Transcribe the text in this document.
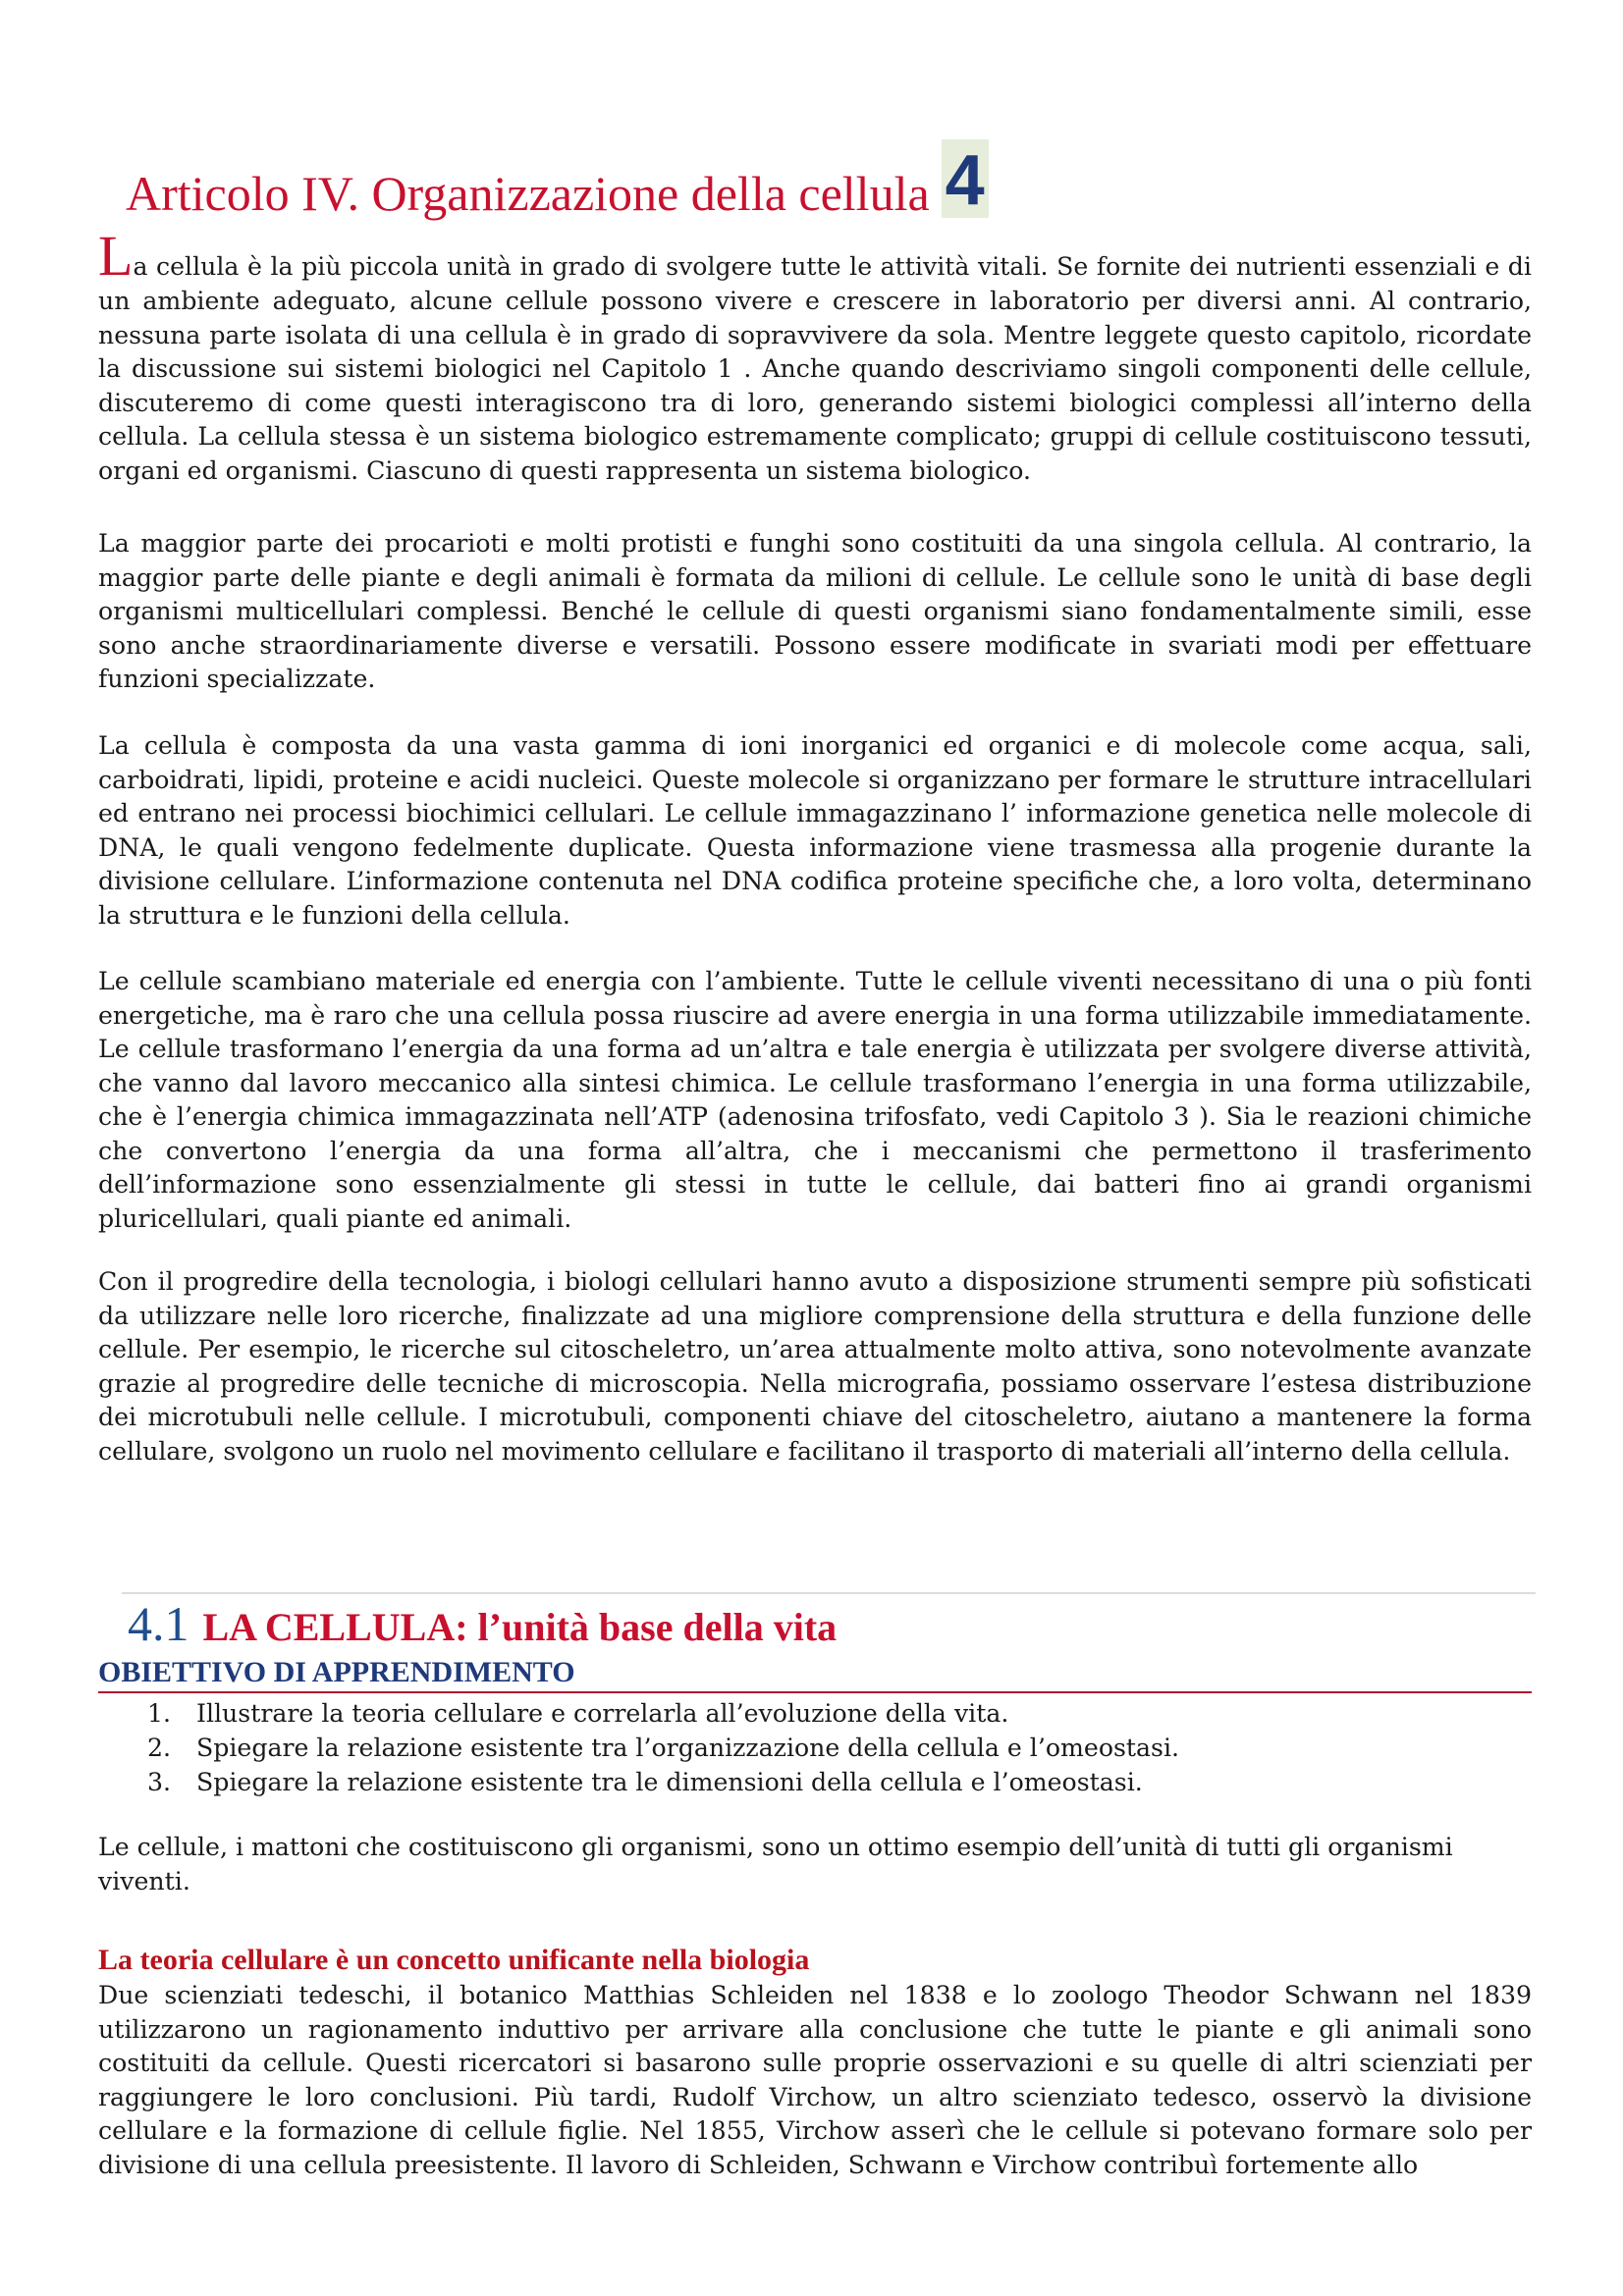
Articolo IV. Organizzazione della cellula 4

La cellula è la più piccola unità in grado di svolgere tutte le attività vitali. Se fornite dei nutrienti essenziali e di un ambiente adeguato, alcune cellule possono vivere e crescere in laboratorio per diversi anni. Al contrario, nessuna parte isolata di una cellula è in grado di sopravvivere da sola. Mentre leggete questo capitolo, ricordate la discussione sui sistemi biologici nel Capitolo 1 . Anche quando descriviamo singoli componenti delle cellule, discuteremo di come questi interagiscono tra di loro, generando sistemi biologici complessi all’interno della cellula. La cellula stessa è un sistema biologico estremamente complicato; gruppi di cellule costituiscono tessuti, organi ed organismi. Ciascuno di questi rappresenta un sistema biologico.

La maggior parte dei procarioti e molti protisti e funghi sono costituiti da una singola cellula. Al contrario, la maggior parte delle piante e degli animali è formata da milioni di cellule. Le cellule sono le unità di base degli organismi multicellulari complessi. Benché le cellule di questi organismi siano fondamentalmente simili, esse sono anche straordinariamente diverse e versatili. Possono essere modificate in svariati modi per effettuare funzioni specializzate.

La cellula è composta da una vasta gamma di ioni inorganici ed organici e di molecole come acqua, sali, carboidrati, lipidi, proteine e acidi nucleici. Queste molecole si organizzano per formare le strutture intracellulari ed entrano nei processi biochimici cellulari. Le cellule immagazzinano l’ informazione genetica nelle molecole di DNA, le quali vengono fedelmente duplicate. Questa informazione viene trasmessa alla progenie durante la divisione cellulare. L’informazione contenuta nel DNA codifica proteine specifiche che, a loro volta, determinano la struttura e le funzioni della cellula.

Le cellule scambiano materiale ed energia con l’ambiente. Tutte le cellule viventi necessitano di una o più fonti energetiche, ma è raro che una cellula possa riuscire ad avere energia in una forma utilizzabile immediatamente. Le cellule trasformano l’energia da una forma ad un’altra e tale energia è utilizzata per svolgere diverse attività, che vanno dal lavoro meccanico alla sintesi chimica. Le cellule trasformano l’energia in una forma utilizzabile, che è l’energia chimica immagazzinata nell’ATP (adenosina trifosfato, vedi Capitolo 3 ). Sia le reazioni chimiche che convertono l’energia da una forma all’altra, che i meccanismi che permettono il trasferimento dell’informazione sono essenzialmente gli stessi in tutte le cellule, dai batteri fino ai grandi organismi pluricellulari, quali piante ed animali.

Con il progredire della tecnologia, i biologi cellulari hanno avuto a disposizione strumenti sempre più sofisticati da utilizzare nelle loro ricerche, finalizzate ad una migliore comprensione della struttura e della funzione delle cellule. Per esempio, le ricerche sul citoscheletro, un’area attualmente molto attiva, sono notevolmente avanzate grazie al progredire delle tecniche di microscopia. Nella micrografia, possiamo osservare l’estesa distribuzione dei microtubuli nelle cellule. I microtubuli, componenti chiave del citoscheletro, aiutano a mantenere la forma cellulare, svolgono un ruolo nel movimento cellulare e facilitano il trasporto di materiali all’interno della cellula.

4.1 LA CELLULA: l’unità base della vita
OBIETTIVO DI APPRENDIMENTO
1.	Illustrare la teoria cellulare e correlarla all’evoluzione della vita.
2.	Spiegare la relazione esistente tra l’organizzazione della cellula e l’omeostasi.
3.	Spiegare la relazione esistente tra le dimensioni della cellula e l’omeostasi.

Le cellule, i mattoni che costituiscono gli organismi, sono un ottimo esempio dell’unità di tutti gli organismi viventi.

La teoria cellulare è un concetto unificante nella biologia

Due scienziati tedeschi, il botanico Matthias Schleiden nel 1838 e lo zoologo Theodor Schwann nel 1839 utilizzarono un ragionamento induttivo per arrivare alla conclusione che tutte le piante e gli animali sono costituiti da cellule. Questi ricercatori si basarono sulle proprie osservazioni e su quelle di altri scienziati per raggiungere le loro conclusioni. Più tardi, Rudolf Virchow, un altro scienziato tedesco, osservò la divisione cellulare e la formazione di cellule figlie. Nel 1855, Virchow asserì che le cellule si potevano formare solo per divisione di una cellula preesistente. Il lavoro di Schleiden, Schwann e Virchow contribuì fortemente allo
